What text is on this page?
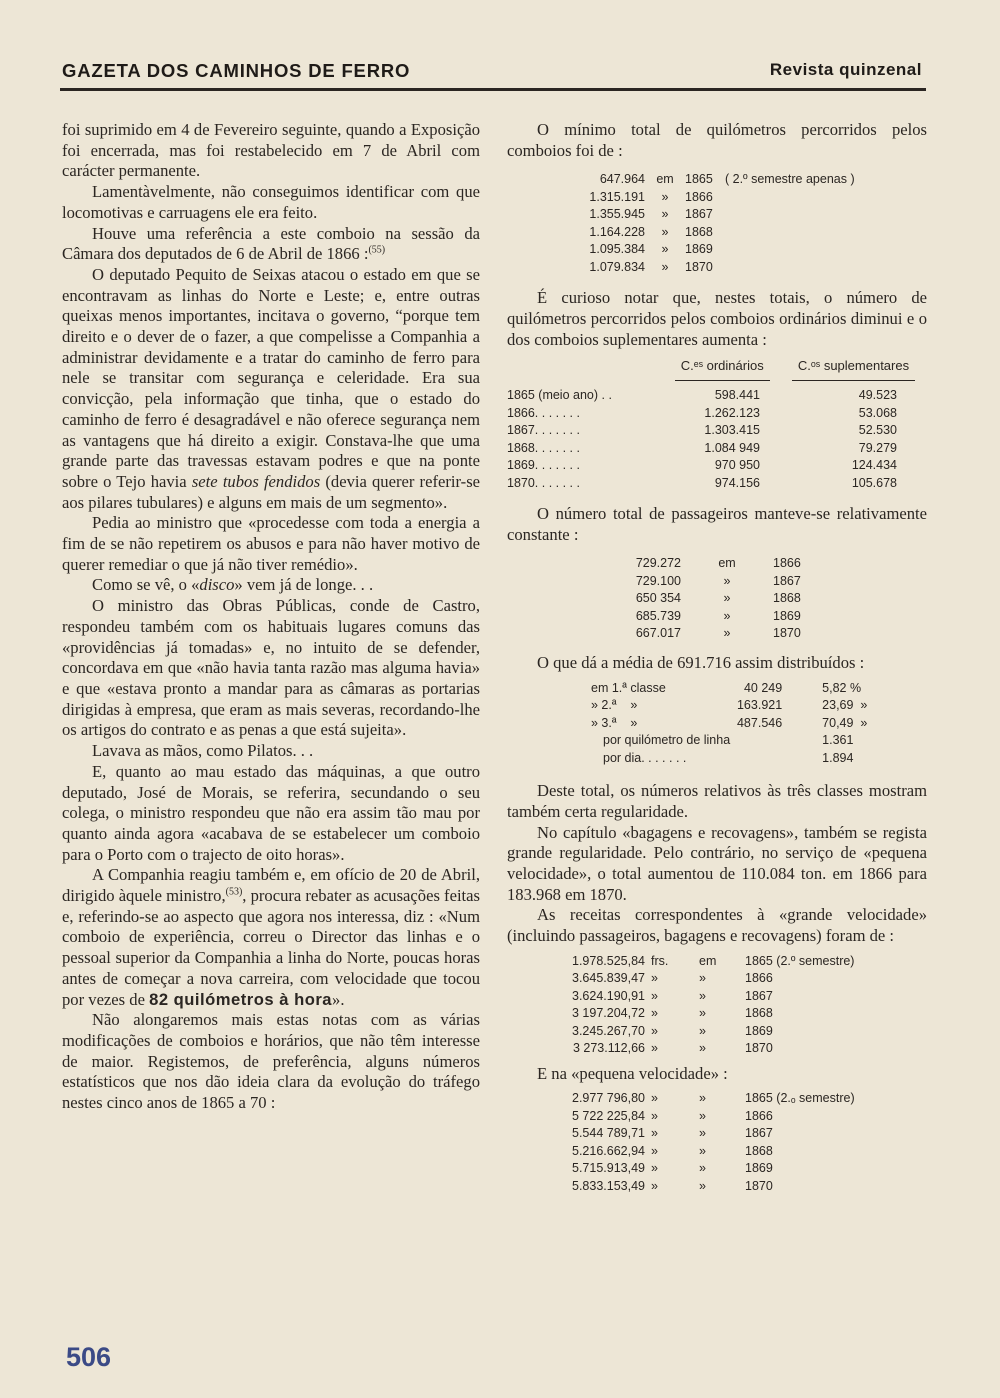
GAZETA DOS CAMINHOS DE FERRO	Revista quinzenal

foi suprimido em 4 de Fevereiro seguinte, quando a Exposição foi encerrada, mas foi restabelecido em 7 de Abril com carácter permanente.

Lamentàvelmente, não conseguimos identificar com que locomotivas e carruagens ele era feito.

Houve uma referência a este comboio na sessão da Câmara dos deputados de 6 de Abril de 1866 :$^{(55)}$

O deputado Pequito de Seixas atacou o estado em que se encontravam as linhas do Norte e Leste; e, entre outras queixas menos importantes, incitava o governo, “porque tem direito e o dever de o fazer, a que compelisse a Companhia a administrar devidamente e a tratar do caminho de ferro para nele se transitar com segurança e celeridade. Era sua convicção, pela informação que tinha, que o estado do caminho de ferro é desagradável e não oferece segurança nem as vantagens que há direito a exigir. Constava-lhe que uma grande parte das travessas estavam podres e que na ponte sobre o Tejo havia sete tubos fendidos (devia querer referir-se aos pilares tubulares) e alguns em mais de um segmento».

Pedia ao ministro que «procedesse com toda a energia a fim de se não repetirem os abusos e para não haver motivo de querer remediar o que já não tiver remédio».

Como se vê, o «disco» vem já de longe. . .

O ministro das Obras Públicas, conde de Castro, respondeu também com os habituais lugares comuns das «providências já tomadas» e, no intuito de se defender, concordava em que «não havia tanta razão mas alguma havia» e que «estava pronto a mandar para as câmaras as portarias dirigidas à empresa, que eram as mais severas, recordando-lhe os artigos do contrato e as penas a que está sujeita».

Lavava as mãos, como Pilatos. . .

E, quanto ao mau estado das máquinas, a que outro deputado, José de Morais, se referira, secundando o seu colega, o ministro respondeu que não era assim tão mau por quanto ainda agora «acabava de se estabelecer um comboio para o Porto com o trajecto de oito horas».

A Companhia reagiu também e, em ofício de 20 de Abril, dirigido àquele ministro,$^{(53)}$, procura rebater as acusações feitas e, referindo-se ao aspecto que agora nos interessa, diz : «Num comboio de experiência, correu o Director das linhas e o pessoal superior da Companhia a linha do Norte, poucas horas antes de começar a nova carreira, com velocidade que tocou por vezes de 82 quilómetros à hora».

Não alongaremos mais estas notas com as várias modificações de comboios e horários, que não têm interesse de maior. Registemos, de preferência, alguns números estatísticos que nos dão ideia clara da evolução do tráfego nestes cinco anos de 1865 a 70 :

O mínimo total de quilómetros percorridos pelos comboios foi de :

647.964	em	1865	( 2.º semestre apenas )
1.315.191	»	1866	
1.355.945	»	1867	
1.164.228	»	1868	
1.095.384	»	1869	
1.079.834	»	1870	

É curioso notar que, nestes totais, o número de quilómetros percorridos pelos comboios ordinários diminui e o dos comboios suplementares aumenta :

	C.ᵉˢ ordinários	C.ᵒˢ suplementares
1865 (meio ano) . .	598.441	49.523
1866. . . . . . .	1.262.123	53.068
1867. . . . . . .	1.303.415	52.530
1868. . . . . . .	1.084 949	79.279
1869. . . . . . .	970 950	124.434
1870. . . . . . .	974.156	105.678

O número total de passageiros manteve-se relativamente constante :

729.272	em	1866
729.100	»	1867
650 354	»	1868
685.739	»	1869
667.017	»	1870

O que dá a média de 691.716 assim distribuídos :

em 1.ª classe	40 249	5,82 %
» 2.ª    »	163.921	23,69  »
» 3.ª    »	487.546	70,49  »
por quilómetro de linha		1.361
por dia. . . . . . .		1.894

Deste total, os números relativos às três classes mostram também certa regularidade.

No capítulo «bagagens e recovagens», também se regista grande regularidade. Pelo contrário, no serviço de «pequena velocidade», o total aumentou de 110.084 ton. em 1866 para 183.968 em 1870.

As receitas correspondentes à «grande velocidade» (incluindo passageiros, bagagens e recovagens) foram de :

1.978.525,84	frs.	em	1865 (2.º semestre)
3.645.839,47	»	»	1866
3.624.190,91	»	»	1867
3 197.204,72	»	»	1868
3.245.267,70	»	»	1869
3 273.112,66	»	»	1870

E na «pequena velocidade» :

2.977 796,80	»	»	1865 (2.ₒ semestre)
5 722 225,84	»	»	1866
5.544 789,71	»	»	1867
5.216.662,94	»	»	1868
5.715.913,49	»	»	1869
5.833.153,49	»	»	1870
506
